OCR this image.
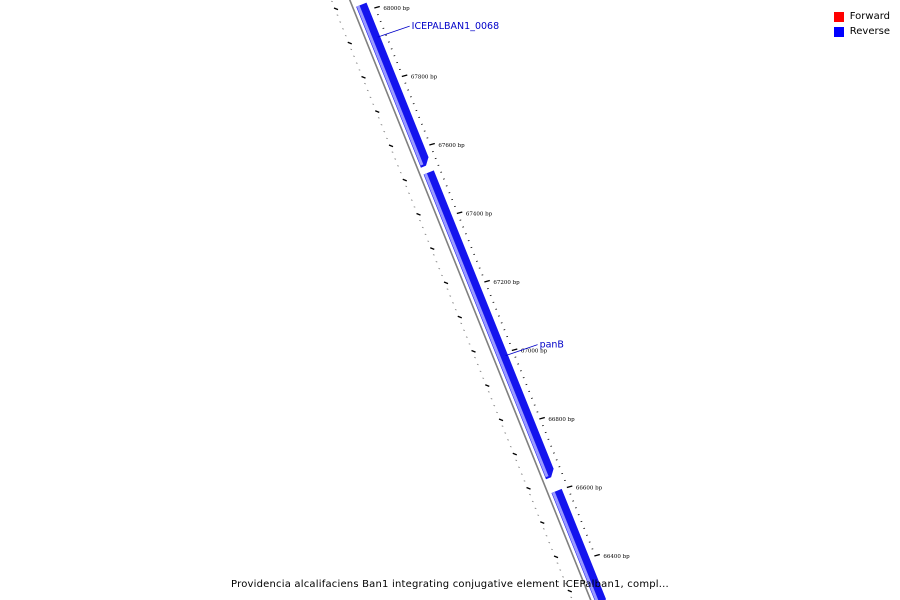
68000 bp
67800 bp
67600 bp
67400 bp
67200 bp
67000 bp
66800 bp
66600 bp
66400 bp
ICEPALBAN1_0068
panB
Forward
Reverse
Providencia alcalifaciens Ban1 integrating conjugative element ICEPalban1, compl...
